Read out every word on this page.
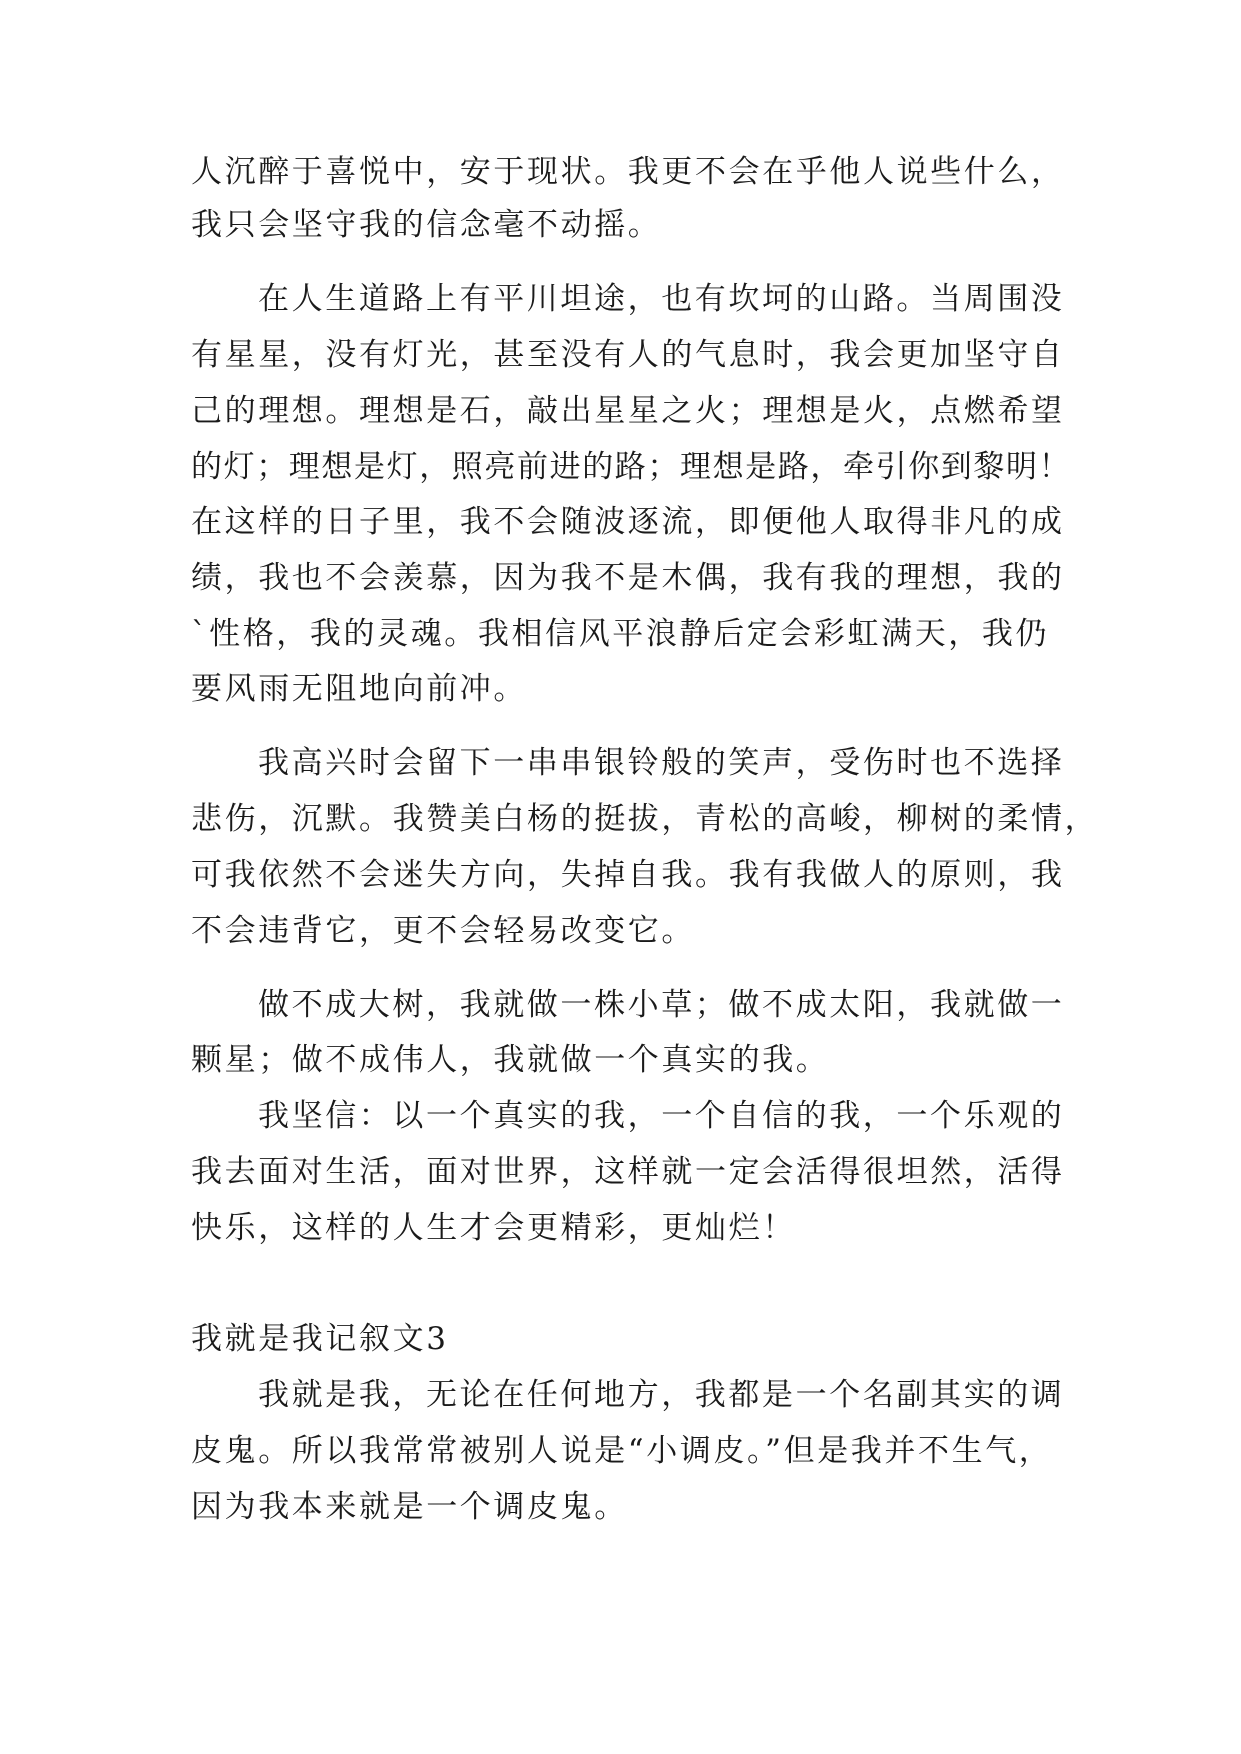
人沉醉于喜悦中，安于现状。我更不会在乎他人说些什么，
我只会坚守我的信念毫不动摇。
在人生道路上有平川坦途，也有坎坷的山路。当周围没
有星星，没有灯光，甚至没有人的气息时，我会更加坚守自
己的理想。理想是石，敲出星星之火；理想是火，点燃希望
的灯；理想是灯，照亮前进的路；理想是路，牵引你到黎明！
在这样的日子里，我不会随波逐流，即便他人取得非凡的成
绩，我也不会羡慕，因为我不是木偶，我有我的理想，我的
`性格，我的灵魂。我相信风平浪静后定会彩虹满天，我仍
要风雨无阻地向前冲。
我高兴时会留下一串串银铃般的笑声，受伤时也不选择
悲伤，沉默。我赞美白杨的挺拔，青松的高峻，柳树的柔情，
可我依然不会迷失方向，失掉自我。我有我做人的原则，我
不会违背它，更不会轻易改变它。
做不成大树，我就做一株小草；做不成太阳，我就做一
颗星；做不成伟人，我就做一个真实的我。
我坚信：以一个真实的我，一个自信的我，一个乐观的
我去面对生活，面对世界，这样就一定会活得很坦然，活得
快乐，这样的人生才会更精彩，更灿烂！
我就是我记叙文3
我就是我，无论在任何地方，我都是一个名副其实的调
皮鬼。所以我常常被别人说是“小调皮。”但是我并不生气，
因为我本来就是一个调皮鬼。
